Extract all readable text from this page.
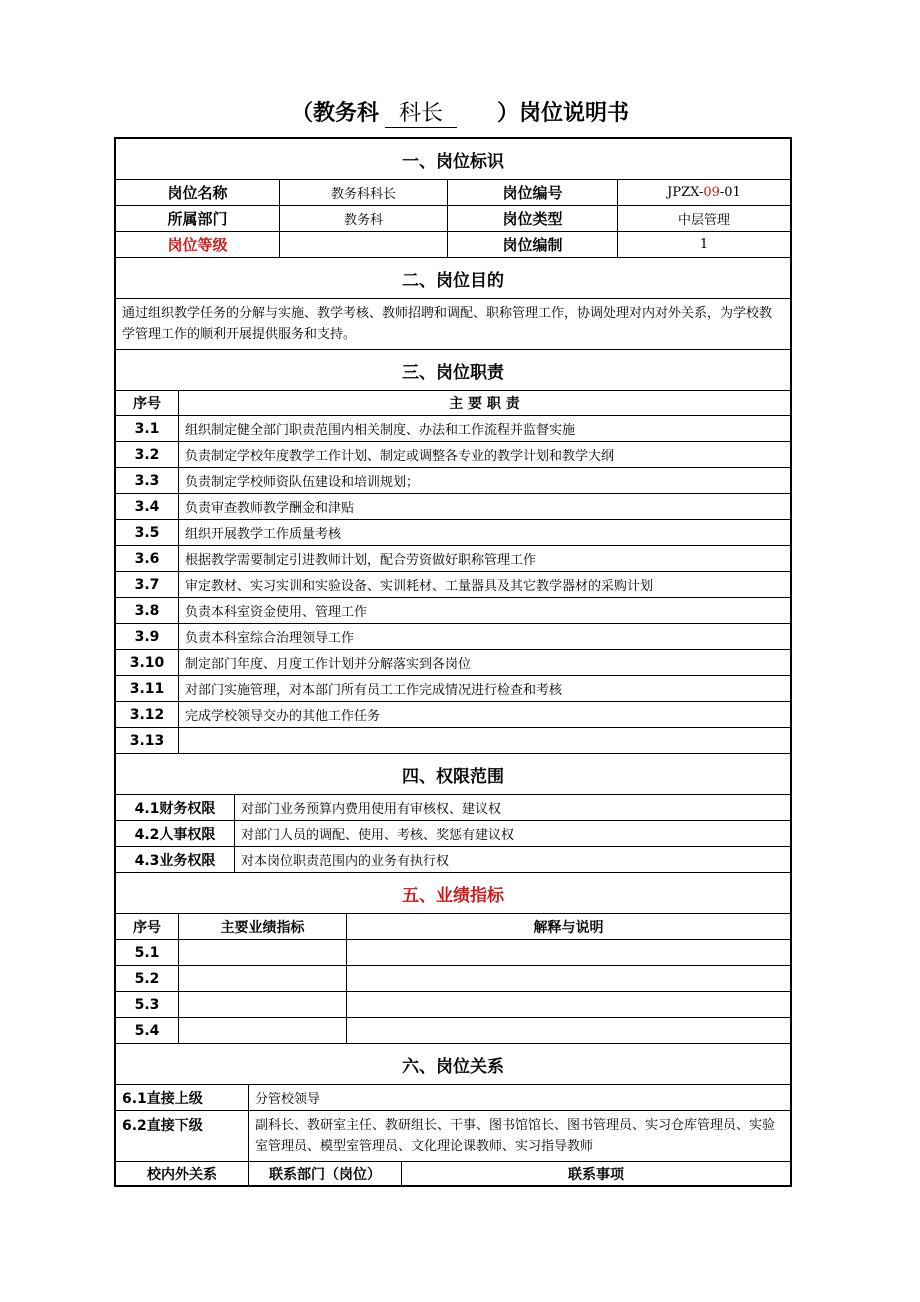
（教务科 科长 ）岗位说明书
一、岗位标识			
岗位名称	教务科科长	岗位编号	JPZX-09-01
所属部门	教务科	岗位类型	中层管理
岗位等级		岗位编制	1
二、岗位目的
通过组织教学任务的分解与实施、教学考核、教师招聘和调配、职称管理工作，协调处理对内对外关系，为学校教学管理工作的顺利开展提供服务和支持。
三、岗位职责	
序号	主 要 职 责
3.1	组织制定健全部门职责范围内相关制度、办法和工作流程并监督实施
3.2	负责制定学校年度教学工作计划、制定或调整各专业的教学计划和教学大纲
3.3	负责制定学校师资队伍建设和培训规划；
3.4	负责审查教师教学酬金和津贴
3.5	组织开展教学工作质量考核
3.6	根据教学需要制定引进教师计划，配合劳资做好职称管理工作
3.7	审定教材、实习实训和实验设备、实训耗材、工量器具及其它教学器材的采购计划
3.8	负责本科室资金使用、管理工作
3.9	负责本科室综合治理领导工作
3.10	制定部门年度、月度工作计划并分解落实到各岗位
3.11	对部门实施管理，对本部门所有员工工作完成情况进行检查和考核
3.12	完成学校领导交办的其他工作任务
3.13	
四、权限范围	
4.1财务权限	对部门业务预算内费用使用有审核权、建议权
4.2人事权限	对部门人员的调配、使用、考核、奖惩有建议权
4.3业务权限	对本岗位职责范围内的业务有执行权
五、业绩指标		
序号	主要业绩指标	解释与说明
5.1		
5.2		
5.3		
5.4		
六、岗位关系		
6.1直接上级	分管校领导	
6.2直接下级	副科长、教研室主任、教研组长、干事、图书馆馆长、图书管理员、实习仓库管理员、实验室管理员、模型室管理员、文化理论课教师、实习指导教师	
校内外关系	联系部门（岗位）	联系事项
